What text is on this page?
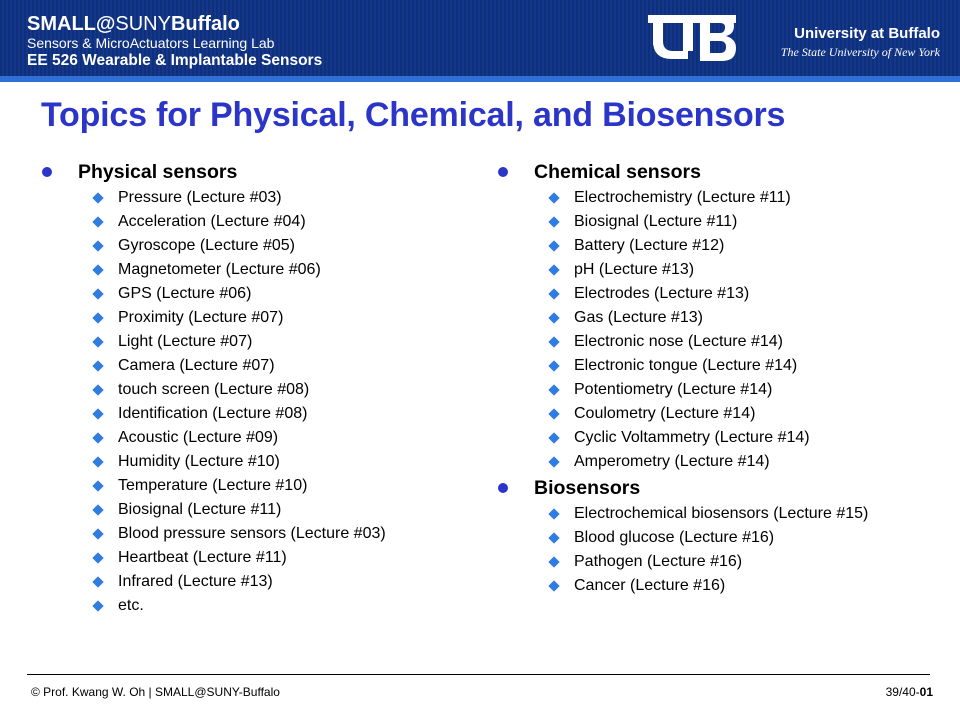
SMALL@SUNYBuffalo
Sensors & MicroActuators Learning Lab
EE 526 Wearable & Implantable Sensors
University at Buffalo
The State University of New York
Topics for Physical, Chemical, and Biosensors
Physical sensors
Pressure (Lecture #03)
Acceleration (Lecture #04)
Gyroscope (Lecture #05)
Magnetometer (Lecture #06)
GPS (Lecture #06)
Proximity (Lecture #07)
Light (Lecture #07)
Camera (Lecture #07)
touch screen (Lecture #08)
Identification (Lecture #08)
Acoustic (Lecture #09)
Humidity (Lecture #10)
Temperature (Lecture #10)
Biosignal (Lecture #11)
Blood pressure sensors (Lecture #03)
Heartbeat (Lecture #11)
Infrared (Lecture #13)
etc.
Chemical sensors
Electrochemistry (Lecture #11)
Biosignal (Lecture #11)
Battery (Lecture #12)
pH (Lecture #13)
Electrodes (Lecture #13)
Gas (Lecture #13)
Electronic nose (Lecture #14)
Electronic tongue (Lecture #14)
Potentiometry (Lecture #14)
Coulometry (Lecture #14)
Cyclic Voltammetry (Lecture #14)
Amperometry (Lecture #14)
Biosensors
Electrochemical biosensors (Lecture #15)
Blood glucose (Lecture #16)
Pathogen (Lecture #16)
Cancer (Lecture #16)
© Prof. Kwang W. Oh | SMALL@SUNY-Buffalo	39/40-01
